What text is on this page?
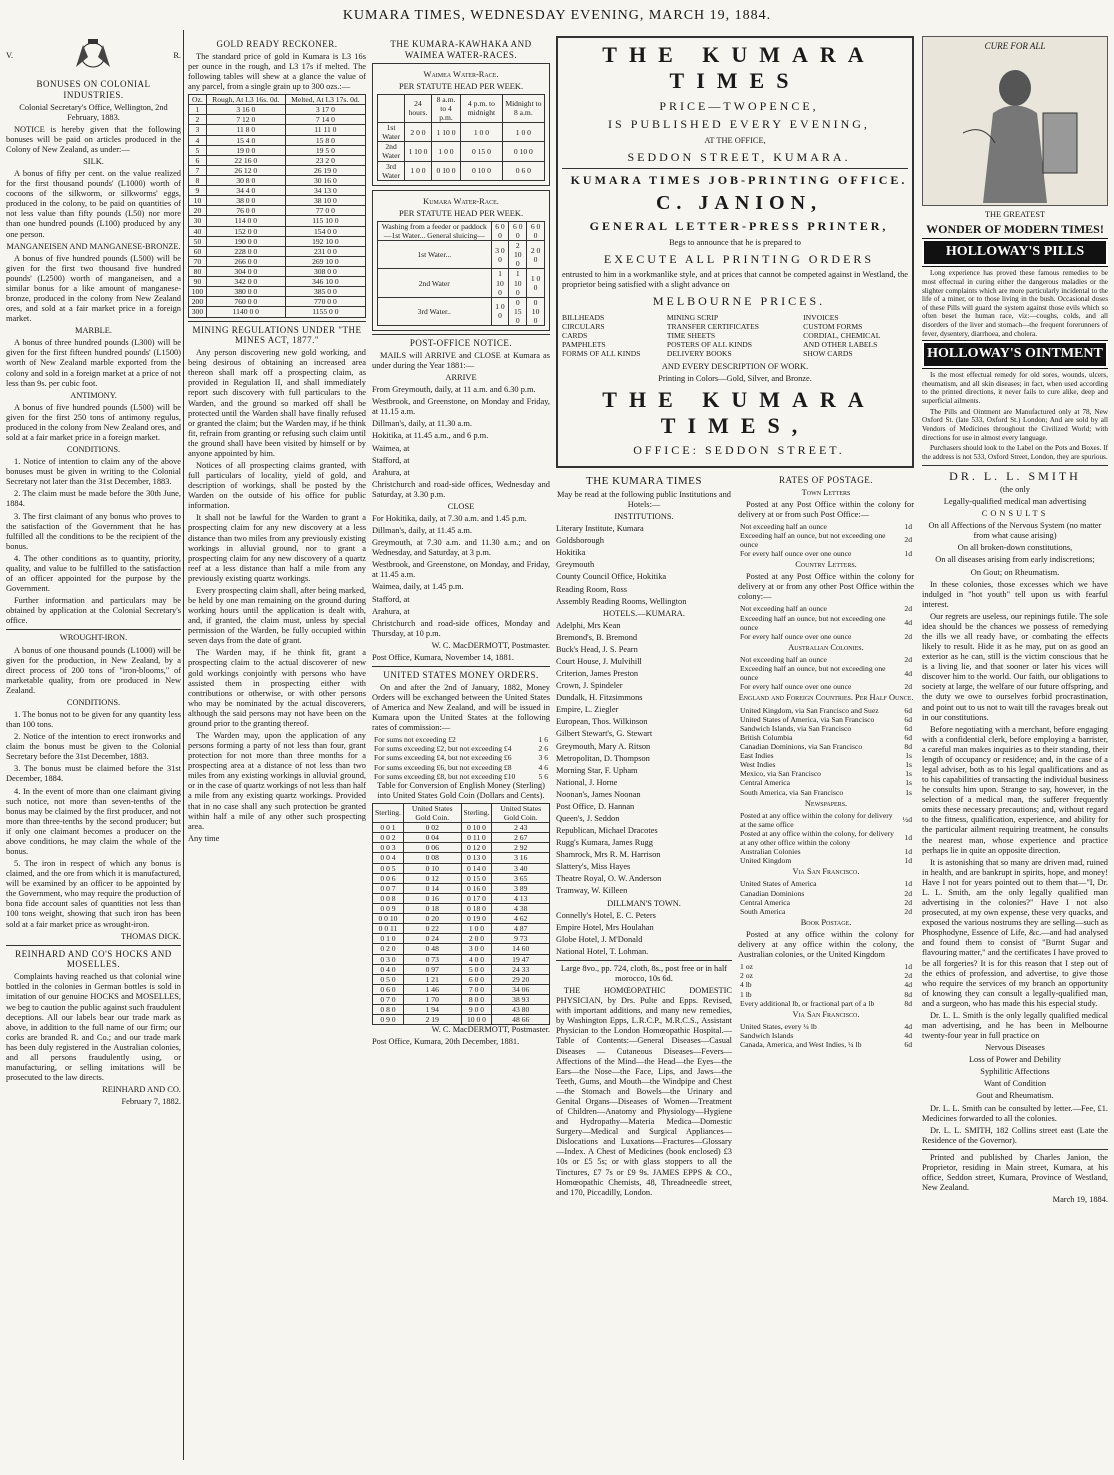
KUMARA TIMES, WEDNESDAY EVENING, MARCH 19, 1884.
V.	R.
BONUSES ON COLONIAL INDUSTRIES.

Colonial Secretary's Office, Wellington, 2nd February, 1883.

NOTICE is hereby given that the following bonuses will be paid on articles produced in the Colony of New Zealand, as under:—

SILK.

A bonus of fifty per cent. on the value realized for the first thousand pounds' (L1000) worth of cocoons of the silkworm, or silkworms' eggs, produced in the colony, to be paid on quantities of not less value than fifty pounds (L50) nor more than one hundred pounds (L100) produced by any one person.

MANGANEISEN AND MANGANESE-BRONZE.

A bonus of five hundred pounds (L500) will be given for the first two thousand five hundred pounds' (L2500) worth of manganeisen, and a similar bonus for a like amount of manganese-bronze, produced in the colony from New Zealand ores, and sold at a fair market price in a foreign market.

MARBLE.

A bonus of three hundred pounds (L300) will be given for the first fifteen hundred pounds' (L1500) worth of New Zealand marble exported from the colony and sold in a foreign market at a price of not less than 9s. per cubic foot.

ANTIMONY.

A bonus of five hundred pounds (L500) will be given for the first 250 tons of antimony regulus, produced in the colony from New Zealand ores, and sold at a fair market price in a foreign market.

CONDITIONS.

1. Notice of intention to claim any of the above bonuses must be given in writing to the Colonial Secretary not later than the 31st December, 1883.

2. The claim must be made before the 30th June, 1884.

3. The first claimant of any bonus who proves to the satisfaction of the Government that he has fulfilled all the conditions to be the recipient of the bonus.

4. The other conditions as to quantity, priority, quality, and value to be fulfilled to the satisfaction of an officer appointed for the purpose by the Government.

Further information and particulars may be obtained by application at the Colonial Secretary's office.

WROUGHT-IRON.

A bonus of one thousand pounds (L1000) will be given for the production, in New Zealand, by a direct process of 200 tons of "iron-blooms," of marketable quality, from ore produced in New Zealand.

CONDITIONS.

1. The bonus not to be given for any quantity less than 100 tons.

2. Notice of the intention to erect ironworks and claim the bonus must be given to the Colonial Secretary before the 31st December, 1883.

3. The bonus must be claimed before the 31st December, 1884.

4. In the event of more than one claimant giving such notice, not more than seven-tenths of the bonus may be claimed by the first producer, and not more than three-tenths by the second producer; but if only one claimant becomes a producer on the above conditions, he may claim the whole of the bonus.

5. The iron in respect of which any bonus is claimed, and the ore from which it is manufactured, will be examined by an officer to be appointed by the Government, who may require the production of bona fide account sales of quantities not less than 100 tons weight, showing that such iron has been sold at a fair market price as wrought-iron.

THOMAS DICK.

REINHARD AND CO'S HOCKS AND MOSELLES.

Complaints having reached us that colonial wine bottled in the colonies in German bottles is sold in imitation of our genuine HOCKS and MOSELLES, we beg to caution the public against such fraudulent deceptions. All our labels bear our trade mark as above, in addition to the full name of our firm; our corks are branded R. and Co.; and our trade mark has been duly registered in the Australian colonies, and all persons fraudulently using, or manufacturing, or selling imitations will be prosecuted to the law directs.

REINHARD AND CO.

February 7, 1882.

GOLD READY RECKONER.

The standard price of gold in Kumara is L3 16s per ounce in the rough, and L3 17s if melted. The following tables will shew at a glance the value of any parcel, from a single grain up to 300 ozs.:—

Oz.	Rough, At L3 16s. 0d.	Melted, At L3 17s. 0d.
1	3 16 0	3 17 0
2	7 12 0	7 14 0
3	11 8 0	11 11 0
4	15 4 0	15 8 0
5	19 0 0	19 5 0
6	22 16 0	23 2 0
7	26 12 0	26 19 0
8	30 8 0	30 16 0
9	34 4 0	34 13 0
10	38 0 0	38 10 0
20	76 0 0	77 0 0
30	114 0 0	115 10 0
40	152 0 0	154 0 0
50	190 0 0	192 10 0
60	228 0 0	231 0 0
70	266 0 0	269 10 0
80	304 0 0	308 0 0
90	342 0 0	346 10 0
100	380 0 0	385 0 0
200	760 0 0	770 0 0
300	1140 0 0	1155 0 0
MINING REGULATIONS UNDER "THE MINES ACT, 1877."

Any person discovering new gold working, and being desirous of obtaining an increased area thereon shall mark off a prospecting claim, as provided in Regulation II, and shall immediately report such discovery with full particulars to the Warden, and the ground so marked off shall be protected until the Warden shall have finally refused or granted the claim; but the Warden may, if he think fit, refrain from granting or refusing such claim until the ground shall have been visited by himself or by anyone appointed by him.

Notices of all prospecting claims granted, with full particulars of locality, yield of gold, and description of workings, shall be posted by the Warden on the outside of his office for public information.

It shall not be lawful for the Warden to grant a prospecting claim for any new discovery at a less distance than two miles from any previously existing workings in alluvial ground, nor to grant a prospecting claim for any new discovery of a quartz reef at a less distance than half a mile from any previously existing quartz workings.

Every prospecting claim shall, after being marked, be held by one man remaining on the ground during working hours until the application is dealt with, and, if granted, the claim must, unless by special permission of the Warden, be fully occupied within seven days from the date of grant.

The Warden may, if he think fit, grant a prospecting claim to the actual discoverer of new gold workings conjointly with persons who have assisted them in prospecting either with contributions or otherwise, or with other persons who may be nominated by the actual discoverers, although the said persons may not have been on the ground prior to the granting thereof.

The Warden may, upon the application of any persons forming a party of not less than four, grant protection for not more than three months for a prospecting area at a distance of not less than two miles from any existing workings in alluvial ground, or in the case of quartz workings of not less than half a mile from any existing quartz workings. Provided that in no case shall any such protection be granted within half a mile of any other such prospecting area.

Any time

THE KUMARA-KAWHAKA AND WAIMEA WATER-RACES.
Waimea Water-Race.

PER STATUTE HEAD PER WEEK.

	24 hours.	8 a.m. to 4 p.m.	4 p.m. to midnight	Midnight to 8 a.m.
1st Water	2 0 0	1 10 0	1 0 0	1 0 0
2nd Water	1 10 0	1 0 0	0 15 0	0 10 0
3rd Water	1 0 0	0 10 0	0 10 0	0 6 0
Kumara Water-Race.

PER STATUTE HEAD PER WEEK.

Washing from a feeder or paddock—1st Water... General sluicing—	6 0 0	6 0 0	6 0 0
1st Water...	3 0 0	2 10 0	2 0 0
2nd Water	1 10 0	1 10 0	1 0 0
3rd Water..	1 0 0	0 15 0	0 10 0
POST-OFFICE NOTICE.

MAILS will ARRIVE and CLOSE at Kumara as under during the Year 1881:—

ARRIVE

From Greymouth, daily, at 11 a.m. and 6.30 p.m.

Westbrook, and Greenstone, on Monday and Friday, at 11.15 a.m.

Dillman's, daily, at 11.30 a.m.

Hokitika, at 11.45 a.m., and 6 p.m.

Waimea, at

Stafford, at

Arahura, at

Christchurch and road-side offices, Wednesday and Saturday, at 3.30 p.m.

CLOSE

For Hokitika, daily, at 7.30 a.m. and 1.45 p.m.

Dillman's, daily, at 11.45 a.m.

Greymouth, at 7.30 a.m. and 11.30 a.m.; and on Wednesday, and Saturday, at 3 p.m.

Westbrook, and Greenstone, on Monday, and Friday, at 11.45 a.m.

Waimea, daily, at 1.45 p.m.

Stafford, at

Arahura, at

Christchurch and road-side offices, Monday and Thursday, at 10 p.m.

W. C. MacDERMOTT, Postmaster.

Post Office, Kumara, November 14, 1881.

UNITED STATES MONEY ORDERS.

On and after the 2nd of January, 1882, Money Orders will be exchanged between the United States of America and New Zealand, and will be issued in Kumara upon the United States at the following rates of commission:—

For sums not exceeding £2	1 6
For sums exceeding £2, but not exceeding £4	2 6
For sums exceeding £4, but not exceeding £6	3 6
For sums exceeding £6, but not exceeding £8	4 6
For sums exceeding £8, but not exceeding £10	5 6

Table for Conversion of English Money (Sterling) into United States Gold Coin (Dollars and Cents).

Sterling.	United States Gold Coin.	Sterling.	United States Gold Coin.
0 0 1	0 02	0 10 0	2 43
0 0 2	0 04	0 11 0	2 67
0 0 3	0 06	0 12 0	2 92
0 0 4	0 08	0 13 0	3 16
0 0 5	0 10	0 14 0	3 40
0 0 6	0 12	0 15 0	3 65
0 0 7	0 14	0 16 0	3 89
0 0 8	0 16	0 17 0	4 13
0 0 9	0 18	0 18 0	4 38
0 0 10	0 20	0 19 0	4 62
0 0 11	0 22	1 0 0	4 87
0 1 0	0 24	2 0 0	9 73
0 2 0	0 48	3 0 0	14 60
0 3 0	0 73	4 0 0	19 47
0 4 0	0 97	5 0 0	24 33
0 5 0	1 21	6 0 0	29 20
0 6 0	1 46	7 0 0	34 06
0 7 0	1 70	8 0 0	38 93
0 8 0	1 94	9 0 0	43 80
0 9 0	2 19	10 0 0	48 66

W. C. MacDERMOTT, Postmaster.

Post Office, Kumara, 20th December, 1881.

THE KUMARA TIMES

PRICE—TWOPENCE,

IS PUBLISHED EVERY EVENING,

AT THE OFFICE,

SEDDON STREET, KUMARA.

KUMARA TIMES JOB-PRINTING OFFICE.

C. JANION,

GENERAL LETTER-PRESS PRINTER,

Begs to announce that he is prepared to

EXECUTE ALL PRINTING ORDERS

entrusted to him in a workmanlike style, and at prices that cannot be competed against in Westland, the proprietor being satisfied with a slight advance on

MELBOURNE PRICES.

BILLHEADS	MINING SCRIP	INVOICES
CIRCULARS	TRANSFER CERTIFICATES	CUSTOM FORMS
CARDS	TIME SHEETS	CORDIAL, CHEMICAL
PAMPHLETS	POSTERS OF ALL KINDS	AND OTHER LABELS
FORMS OF ALL KINDS	DELIVERY BOOKS	SHOW CARDS

AND EVERY DESCRIPTION OF WORK.

Printing in Colors—Gold, Silver, and Bronze.

THE KUMARA TIMES,

OFFICE: SEDDON STREET.

THE KUMARA TIMES

May be read at the following public Institutions and Hotels:—

INSTITUTIONS.

Literary Institute, Kumara

Goldsborough

Hokitika

Greymouth

County Council Office, Hokitika

Reading Room, Ross

Assembly Reading Rooms, Wellington

HOTELS.—KUMARA.

Adelphi, Mrs Kean

Bremond's, B. Bremond

Buck's Head, J. S. Pearn

Court House, J. Mulvihill

Criterion, James Preston

Crown, J. Spindeler

Dundalk, H. Fitzsimmons

Empire, L. Ziegler

European, Thos. Wilkinson

Gilbert Stewart's, G. Stewart

Greymouth, Mary A. Ritson

Metropolitan, D. Thompson

Morning Star, F. Upham

National, J. Horne

Noonan's, James Noonan

Post Office, D. Hannan

Queen's, J. Seddon

Republican, Michael Dracotes

Rugg's Kumara, James Rugg

Shamrock, Mrs R. M. Harrison

Slattery's, Miss Hayes

Theatre Royal, O. W. Anderson

Tramway, W. Killeen

DILLMAN'S TOWN.

Connelly's Hotel, E. C. Peters

Empire Hotel, Mrs Houlahan

Globe Hotel, J. M'Donald

National Hotel, T. Lohman.

Large 8vo., pp. 724, cloth, 8s., post free or in half morocco, 10s 6d.

THE HOMŒOPATHIC DOMESTIC PHYSICIAN, by Drs. Pulte and Epps. Revised, with important additions, and many new remedies, by Washington Epps, L.R.C.P., M.R.C.S., Assistant Physician to the London Homœopathic Hospital.—Table of Contents:—General Diseases—Casual Diseases — Cutaneous Diseases—Fevers—Affections of the Mind—the Head—the Eyes—the Ears—the Nose—the Face, Lips, and Jaws—the Teeth, Gums, and Mouth—the Windpipe and Chest—the Stomach and Bowels—the Urinary and Genital Organs—Diseases of Women—Treatment of Children—Anatomy and Physiology—Hygiene and Hydropathy—Materia Medica—Domestic Surgery—Medical and Surgical Appliances—Dislocations and Luxations—Fractures—Glossary—Index. A Chest of Medicines (book enclosed) £3 10s or £5 5s; or with glass stoppers to all the Tinctures, £7 7s or £9 9s. JAMES EPPS & CO., Homœopathic Chemists, 48, Threadneedle street, and 170, Piccadilly, London.

RATES OF POSTAGE.
Town Letters

Posted at any Post Office within the colony for delivery at or from such Post Office:—

Not exceeding half an ounce	1d
Exceeding half an ounce, but not exceeding one ounce	2d
For every half ounce over one ounce	1d
Country Letters.

Posted at any Post Office within the colony for delivery at or from any other Post Office within the colony:—

Not exceeding half an ounce	2d
Exceeding half an ounce, but not exceeding one ounce	4d
For every half ounce over one ounce	2d
Australian Colonies.
Not exceeding half an ounce	2d
Exceeding half an ounce, but not exceeding one ounce	4d
For every half ounce over one ounce	2d
England and Foreign Countries. Per Half Ounce.
United Kingdom, via San Francisco and Suez	6d
United States of America, via San Francisco	6d
Sandwich Islands, via San Francisco	6d
British Columbia	6d
Canadian Dominions, via San Francisco	8d
East Indies	1s
West Indies	1s
Mexico, via San Francisco	1s
Central America	1s
South America, via San Francisco	1s
Newspapers.
Posted at any office within the colony for delivery at the same office	½d
Posted at any office within the colony, for delivery at any other office within the colony	1d
Australian Colonies	1d
United Kingdom	1d
Via San Francisco.
United States of America	1d
Canadian Dominions	2d
Central America	2d
South America	2d
Book Postage.

Posted at any office within the colony for delivery at any office within the colony, the Australian colonies, or the United Kingdom

1 oz	1d
2 oz	2d
4 lb	4d
1 lb	8d
Every additional lb, or fractional part of a lb	8d
Via San Francisco.
United States, every ¼ lb	4d
Sandwich Islands	4d
Canada, America, and West Indies, ¼ lb	6d
CURE FOR ALL

THE GREATEST

WONDER OF MODERN TIMES!

HOLLOWAY'S PILLS

Long experience has proved these famous remedies to be most effectual in curing either the dangerous maladies or the slighter complaints which are more particularly incidental to the life of a miner, or to those living in the bush. Occasional doses of these Pills will guard the system against those evils which so often beset the human race, viz:—coughs, colds, and all disorders of the liver and stomach—the frequent forerunners of fever, dysentery, diarrhoea, and cholera.

HOLLOWAY'S OINTMENT

Is the most effectual remedy for old sores, wounds, ulcers, rheumatism, and all skin diseases; in fact, when used according to the printed directions, it never fails to cure alike, deep and superficial ailments.

The Pills and Ointment are Manufactured only at 78, New Oxford St. (late 533, Oxford St.) London; And are sold by all Vendors of Medicines throughout the Civilized World; with directions for use in almost every language.

Purchasers should look to the Label on the Pots and Boxes. If the address is not 533, Oxford Street, London, they are spurious.

DR. L. L. SMITH

(the only

Legally-qualified medical man advertising

CONSULTS

On all Affections of the Nervous System (no matter from what cause arising)

On all broken-down constitutions,

On all diseases arising from early indiscretions;

On Gout; on Rheumatism.

In these colonies, those excesses which we have indulged in "hot youth" tell upon us with fearful interest.

Our regrets are useless, our repinings futile. The sole idea should be the chances we possess of remedying the ills we all ready have, or combating the effects likely to result. Hide it as he may, put on as good an exterior as he can, still is the victim conscious that he is a living lie, and that sooner or later his vices will discover him to the world. Our faith, our obligations to society at large, the welfare of our future offspring, and the duty we owe to ourselves forbid procrastination, and point out to us not to wait till the ravages break out in our constitutions.

Before negotiating with a merchant, before engaging with a confidential clerk, before employing a barrister, a careful man makes inquiries as to their standing, their length of occupancy or residence; and, in the case of a legal adviser, both as to his legal qualifications and as to his capabilities of transacting the individual business he consults him upon. Strange to say, however, in the selection of a medical man, the sufferer frequently omits these necessary precautions; and, without regard to the fitness, qualification, experience, and ability for the particular ailment requiring treatment, he consults the nearest man, whose experience and practice perhaps lie in quite an opposite direction.

It is astonishing that so many are driven mad, ruined in health, and are bankrupt in spirits, hope, and money! Have I not for years pointed out to them that—"I, Dr. L. L. Smith, am the only legally qualified man advertising in the colonies?" Have I not also prosecuted, at my own expense, these very quacks, and exposed the various nostrums they are selling—such as Phosphodyne, Essence of Life, &c.—and had analysed and found them to consist of "Burnt Sugar and flavouring matter," and the certificates I have proved to be all forgeries? It is for this reason that I step out of the ethics of profession, and advertise, to give those who require the services of my branch an opportunity of knowing they can consult a legally-qualified man, and a surgeon, who has made this his especial study.

Dr. L. L. Smith is the only legally qualified medical man advertising, and he has been in Melbourne twenty-four year in full practice on

Nervous Diseases

Loss of Power and Debility

Syphilitic Affections

Want of Condition

Gout and Rheumatism.

Dr. L. L. Smith can be consulted by letter.—Fee, £1. Medicines forwarded to all the colonies.

Dr. L. L. SMITH, 182 Collins street east (Late the Residence of the Governor).

Printed and published by Charles Janion, the Proprietor, residing in Main street, Kumara, at his office, Seddon street, Kumara, Province of Westland, New Zealand.

March 19, 1884.
